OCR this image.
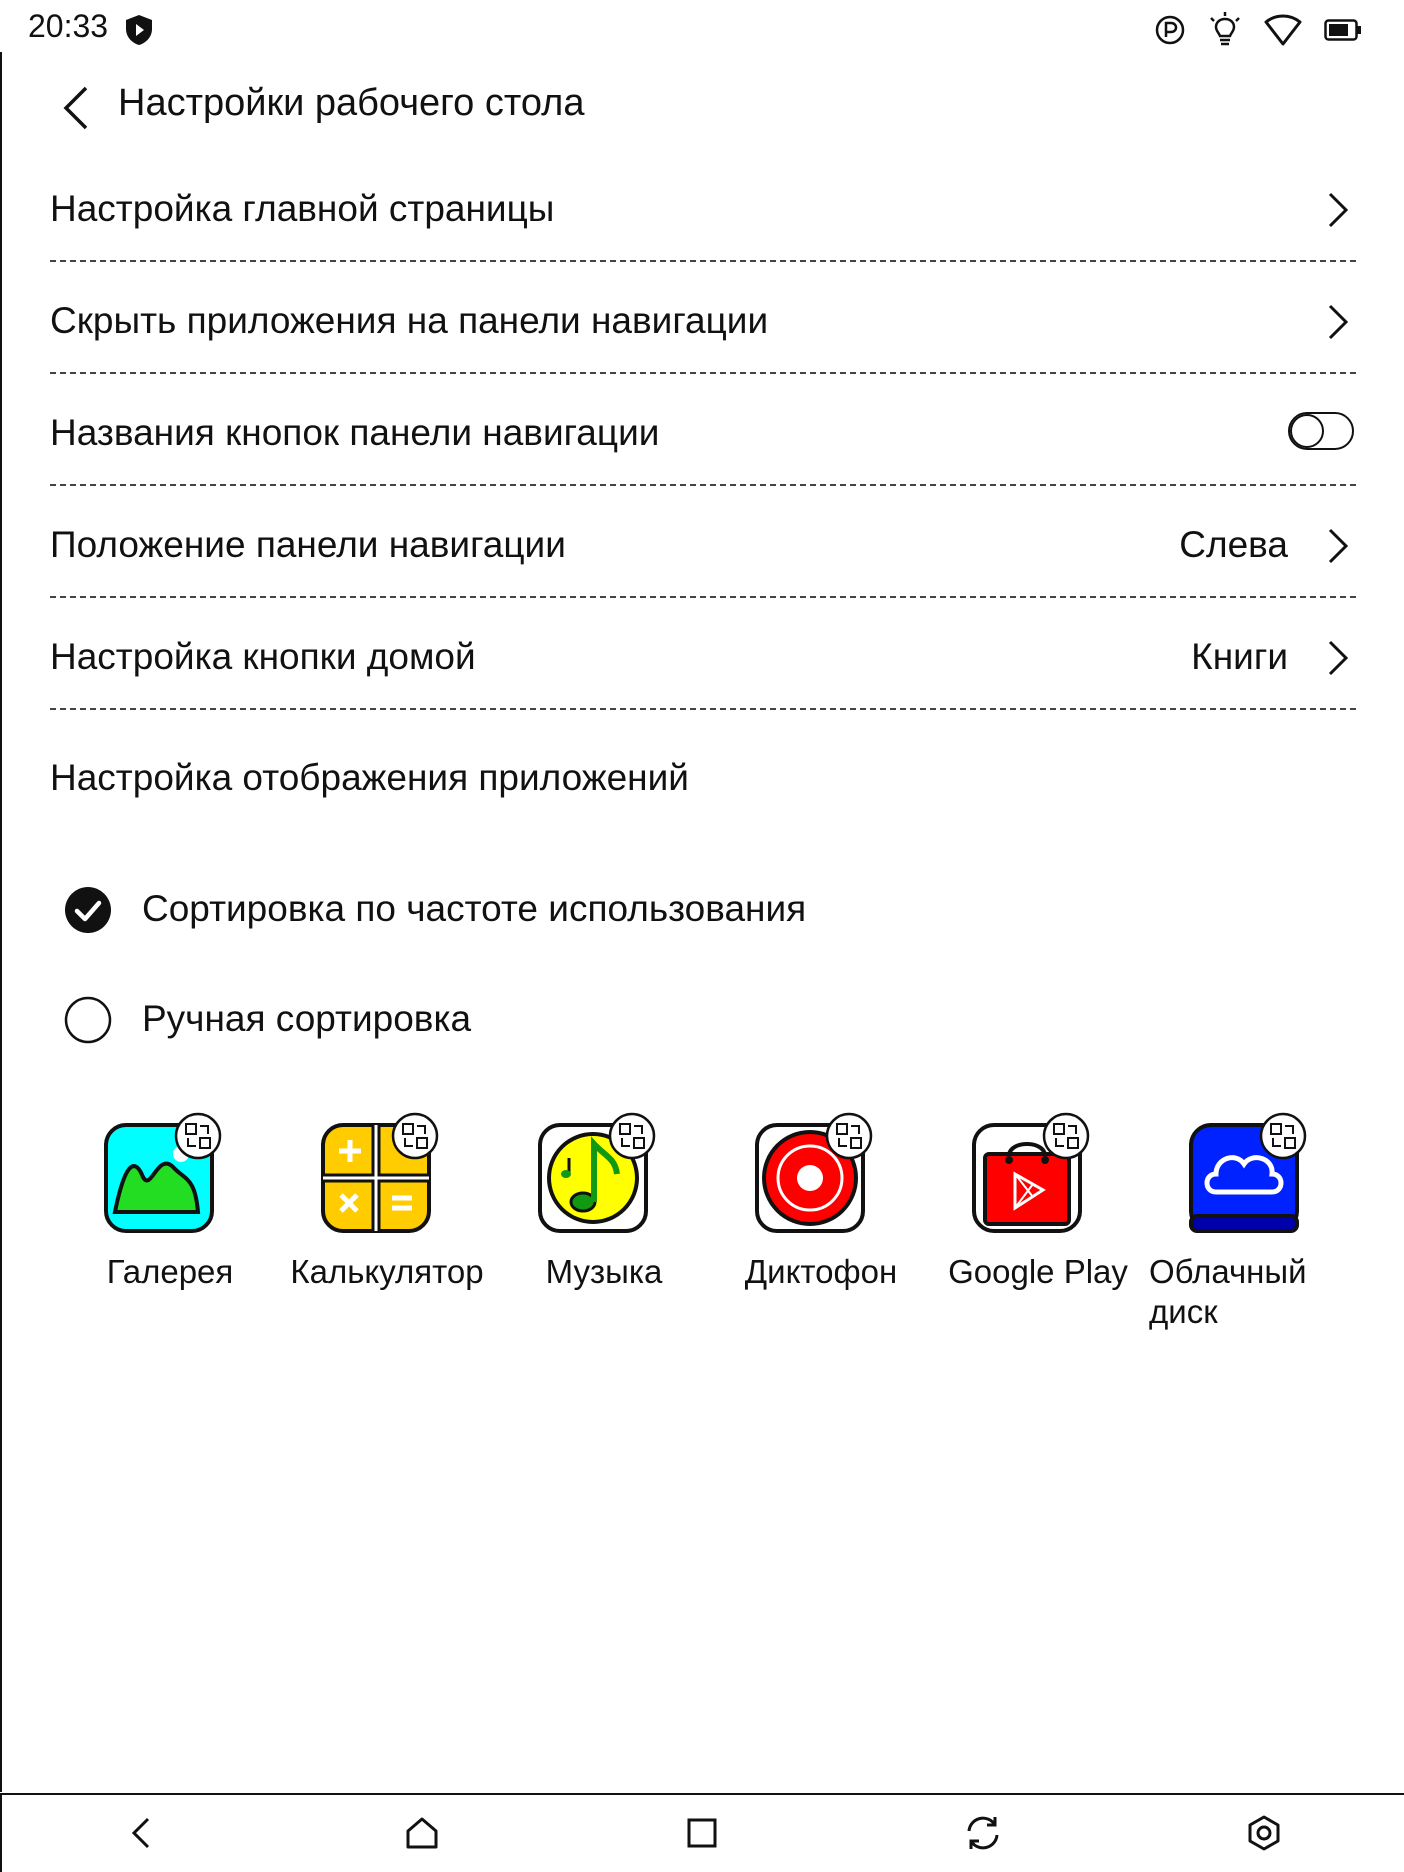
20:33
Настройки рабочего стола
Настройка главной страницы
Скрыть приложения на панели навигации
Названия кнопок панели навигации
Положение панели навигации	Слева
Настройка кнопки домой	Книги
Настройка отображения приложений
Сортировка по частоте использования
Ручная сортировка
Галерея	Калькулятор	Музыка	Диктофон	Google Play Облачный диск
